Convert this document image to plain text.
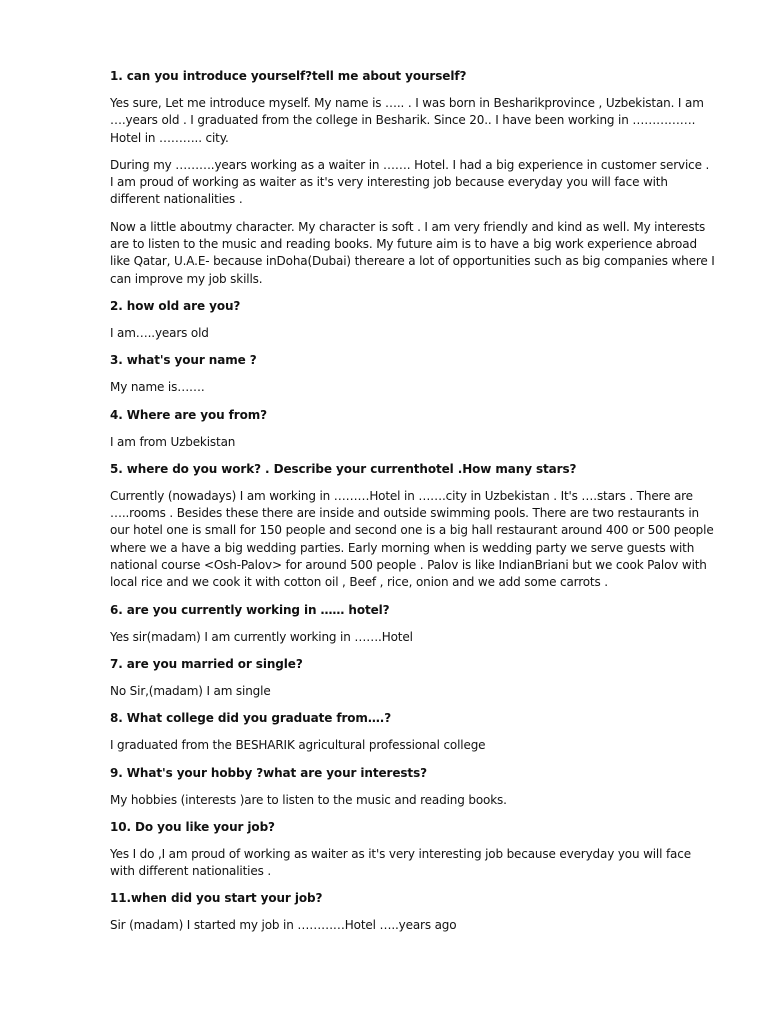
1. can you introduce yourself?tell me about yourself?

Yes sure, Let me introduce myself. My name is ….. . I was born in Besharikprovince , Uzbekistan. I am ….years old . I graduated from the college in Besharik. Since 20.. I have been working in ……………. Hotel in ……….. city.

During my ……….years working as a waiter in ……. Hotel. I had a big experience in customer service . I am proud of working as waiter as it's very interesting job because everyday you will face with different nationalities .

Now a little aboutmy character. My character is soft . I am very friendly and kind as well. My interests are to listen to the music and reading books. My future aim is to have a big work experience abroad like Qatar, U.A.E- because inDoha(Dubai) thereare a lot of opportunities such as big companies where I can improve my job skills.

2. how old are you?

I am…..years old

3. what's your name ?

My name is…….

4. Where are you from?

I am from Uzbekistan

5. where do you work? . Describe your currenthotel .How many stars?

Currently (nowadays) I am working in ………Hotel in …….city in Uzbekistan . It's ….stars . There are …..rooms . Besides these there are inside and outside swimming pools. There are two restaurants in our hotel one is small for 150 people and second one is a big hall restaurant around 400 or 500 people where we a have a big wedding parties. Early morning when is wedding party we serve guests with national course <Osh-Palov> for around 500 people . Palov is like IndianBriani but we cook Palov with local rice and we cook it with cotton oil , Beef , rice, onion and we add some carrots .

6. are you currently working in …… hotel?

Yes sir(madam) I am currently working in …….Hotel

7. are you married or single?

No Sir,(madam) I am single

8. What college did you graduate from….?

I graduated from the BESHARIK agricultural professional college

9. What's your hobby ?what are your interests?

My hobbies (interests )are to listen to the music and reading books.

10. Do you like your job?

Yes I do ,I am proud of working as waiter as it's very interesting job because everyday you will face with different nationalities .

11.when did you start your job?

Sir (madam) I started my job in …………Hotel …..years ago
